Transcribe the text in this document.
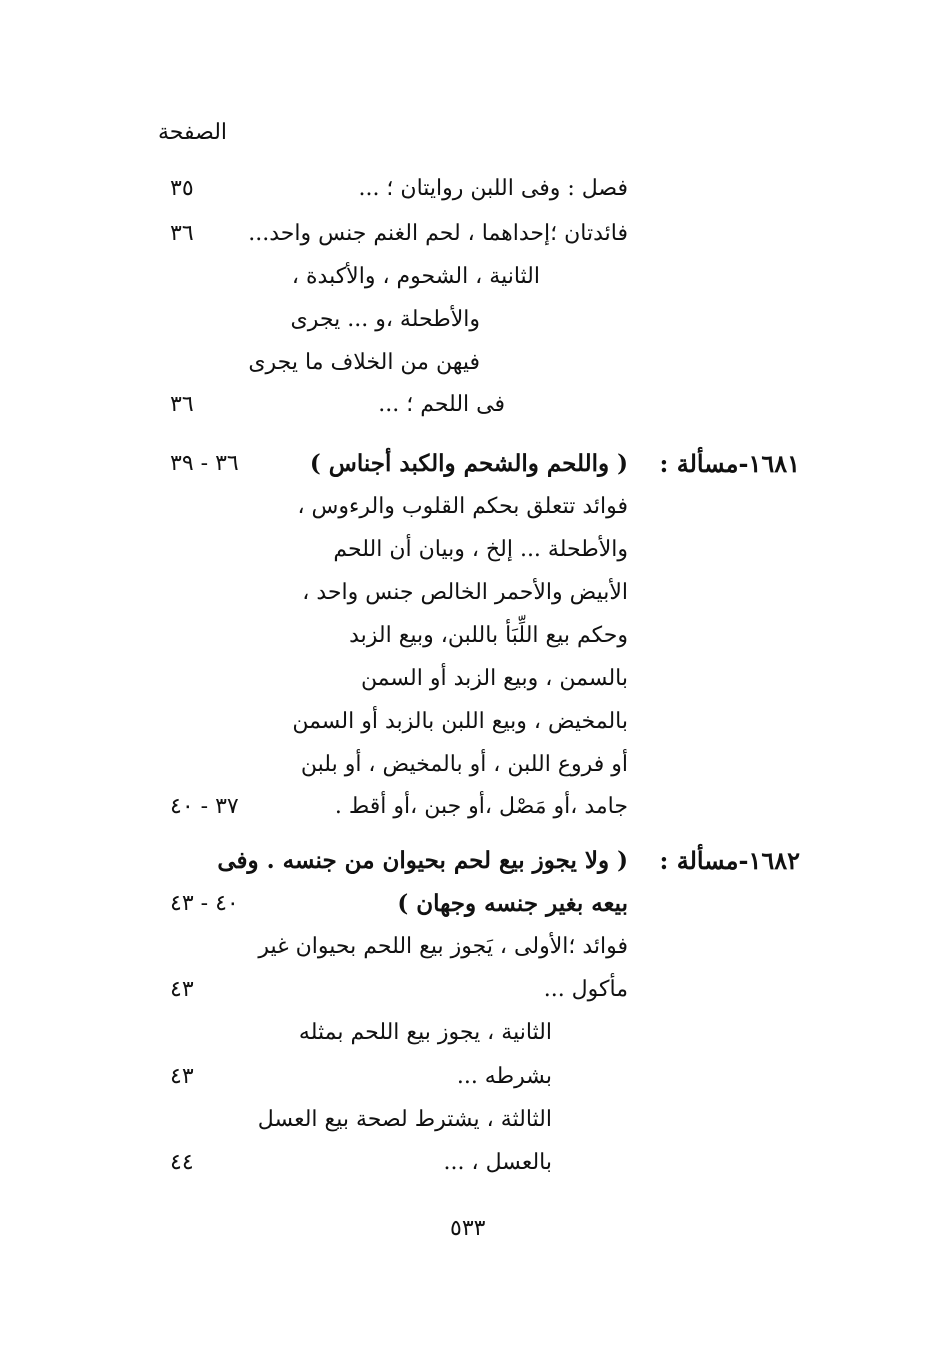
الصفحة
فصل : وفى اللبن روايتان ؛ ...
٣٥
فائدتان ؛إحداهما ، لحم الغنم جنس واحد...
٣٦
الثانية ، الشحوم ، والأكبدة ،
والأطحلة ،و ... يجرى
فيهن من الخلاف ما يجرى
فى اللحم ؛ ...
٣٦
١٦٨١-مسألة :
( واللحم والشحم والكبد أجناس )
٣٦ - ٣٩
فوائد تتعلق بحكم القلوب والرءوس ،
والأطحلة ... إلخ ، وبيان أن اللحم
الأبيض والأحمر الخالص جنس واحد ،
وحكم بيع اللِّبَأ باللبن، وبيع الزبد
بالسمن ، وبيع الزبد أو السمن
بالمخيض ، وبيع اللبن بالزبد أو السمن
أو فروع اللبن ، أو بالمخيض ، أو بلبن
جامد ،أو مَصْل ،أو جبن ،أو أقط .
٣٧ - ٤٠
١٦٨٢-مسألة :
( ولا يجوز بيع لحم بحيوان من جنسه . وفى
بيعه بغير جنسه وجهان )
٤٠ - ٤٣
فوائد ؛الأولى ، يَجوز بيع اللحم بحيوان غير
مأكول ...
٤٣
الثانية ، يجوز بيع اللحم بمثله
بشرطه ...
٤٣
الثالثة ، يشترط لصحة بيع العسل
بالعسل ، ...
٤٤
٥٣٣
